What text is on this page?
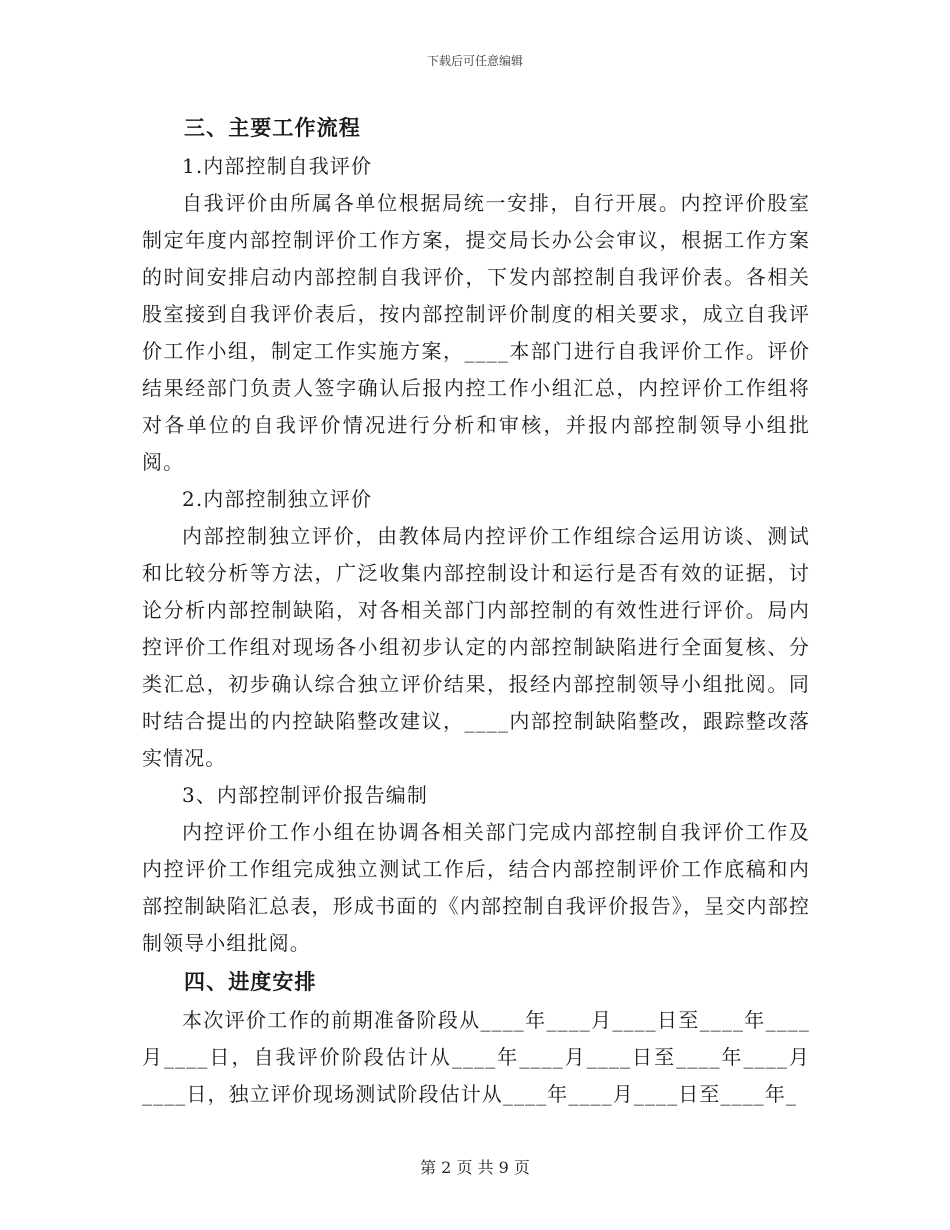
下载后可任意编辑

三、主要工作流程

1.内部控制自我评价

自我评价由所属各单位根据局统一安排，自行开展。内控评价股室制定年度内部控制评价工作方案，提交局长办公会审议，根据工作方案的时间安排启动内部控制自我评价，下发内部控制自我评价表。各相关股室接到自我评价表后，按内部控制评价制度的相关要求，成立自我评价工作小组，制定工作实施方案，____本部门进行自我评价工作。评价结果经部门负责人签字确认后报内控工作小组汇总，内控评价工作组将对各单位的自我评价情况进行分析和审核，并报内部控制领导小组批阅。

2.内部控制独立评价

内部控制独立评价，由教体局内控评价工作组综合运用访谈、测试和比较分析等方法，广泛收集内部控制设计和运行是否有效的证据，讨论分析内部控制缺陷，对各相关部门内部控制的有效性进行评价。局内控评价工作组对现场各小组初步认定的内部控制缺陷进行全面复核、分类汇总，初步确认综合独立评价结果，报经内部控制领导小组批阅。同时结合提出的内控缺陷整改建议，____内部控制缺陷整改，跟踪整改落实情况。

3、内部控制评价报告编制

内控评价工作小组在协调各相关部门完成内部控制自我评价工作及内控评价工作组完成独立测试工作后，结合内部控制评价工作底稿和内部控制缺陷汇总表，形成书面的《内部控制自我评价报告》，呈交内部控制领导小组批阅。

四、进度安排

本次评价工作的前期准备阶段从____年____月____日至____年____月____日，自我评价阶段估计从____年____月____日至____年____月____日，独立评价现场测试阶段估计从____年____月____日至____年_

第 2 页 共 9 页
